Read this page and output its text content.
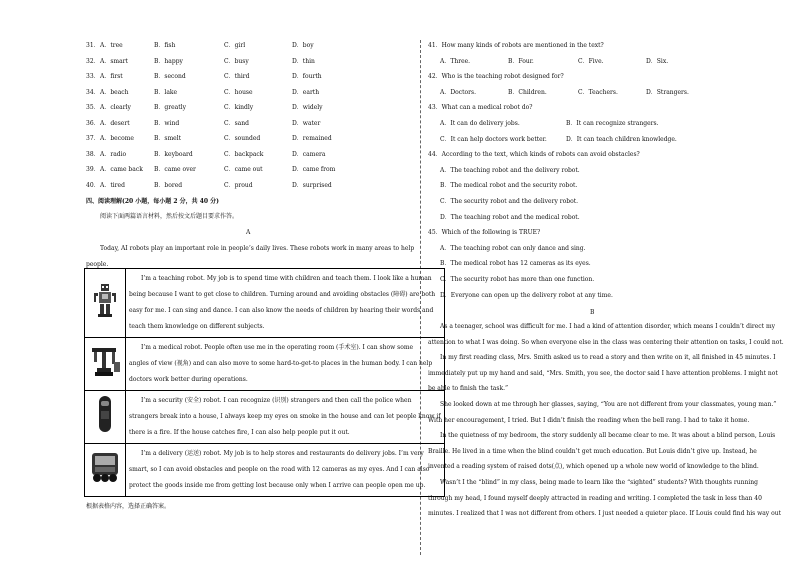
31． A．tree	B．fish	C．girl	D．boy
32． A．smart	B．happy	C．busy	D．thin
33． A．first	B．second	C．third	D．fourth
34． A．beach	B．lake	C．house	D．earth
35． A．clearly	B．greatly	C．kindly	D．widely
36． A．desert	B．wind	C．sand	D．water
37． A．become	B．smelt	C．sounded	D．remained
38． A．radio	B．keyboard	C．backpack	D．camera
39． A．came back B．came over	C．came out	D．came from
40． A．tired	B．bored	C．proud	D．surprised
四、阅读理解(20 小题，每小题 2 分，共 40 分)
阅读下面两篇语言材料，然后按文后题目要求作答。
A
Today, AI robots play an important role in people’s daily lives. These robots work in many areas to help
people.

I’m a teaching robot. My job is to spend time with children and teach them. I look like a human
being because I want to get close to children. Turning around and avoiding obstacles (障碍) are both
easy for me. I can sing and dance. I can also know the needs of children by hearing their words and
teach them knowledge on different subjects.

I’m a medical robot. People often use me in the operating room (手术室). I can show some
angles of view (视角) and can also move to some hard-to-get-to places in the human body. I can help
doctors work better during operations.

I’m a security (安全) robot. I can recognize (识别) strangers and then call the police when
strangers break into a house, I always keep my eyes on smoke in the house and can let people know if
there is a fire. If the house catches fire, I can also help people put it out.

I’m a delivery (运送) robot. My job is to help stores and restaurants do delivery jobs. I’m very
smart, so I can avoid obstacles and people on the road with 12 cameras as my eyes. And I can also
protect the goods inside me from getting lost because only when I arrive can people open me up.
根据表格内容，选择正确答案。
41．How many kinds of robots are mentioned in the text?
A．Three.	B．Four.	C．Five.	D．Six.
42．Who is the teaching robot designed for?
A．Doctors.	B．Children.	C．Teachers.	D．Strangers.
43．What can a medical robot do?
A．It can do delivery jobs.	B．It can recognize strangers.
C．It can help doctors work better.	D．It can teach children knowledge.
44．According to the text, which kinds of robots can avoid obstacles?
A．The teaching robot and the delivery robot.
B．The medical robot and the security robot.
C．The security robot and the delivery robot.
D．The teaching robot and the medical robot.
45．Which of the following is TRUE?
A．The teaching robot can only dance and sing.
B．The medical robot has 12 cameras as its eyes.
C．The security robot has more than one function.
D．Everyone can open up the delivery robot at any time.
B
As a teenager, school was difficult for me. I had a kind of attention disorder, which means I couldn’t direct my
attention to what I was doing. So when everyone else in the class was centering their attention on tasks, I could not.
In my first reading class, Mrs. Smith asked us to read a story and then write on it, all finished in 45 minutes. I
immediately put up my hand and said, “Mrs. Smith, you see, the doctor said I have attention problems. I might not
be able to finish the task.”
She looked down at me through her glasses, saying, “You are not different from your classmates, young man.”
With her encouragement, I tried. But I didn’t finish the reading when the bell rang. I had to take it home.
In the quietness of my bedroom, the story suddenly all became clear to me. It was about a blind person, Louis
Braille. He lived in a time when the blind couldn’t get much education. But Louis didn’t give up. Instead, he
invented a reading system of raised dots(点), which opened up a whole new world of knowledge to the blind.
Wasn’t I the “blind” in my class, being made to learn like the “sighted” students? With thoughts running
through my head, I found myself deeply attracted in reading and writing. I completed the task in less than 40
minutes. I realized that I was not different from others. I just needed a quieter place. If Louis could find his way out
